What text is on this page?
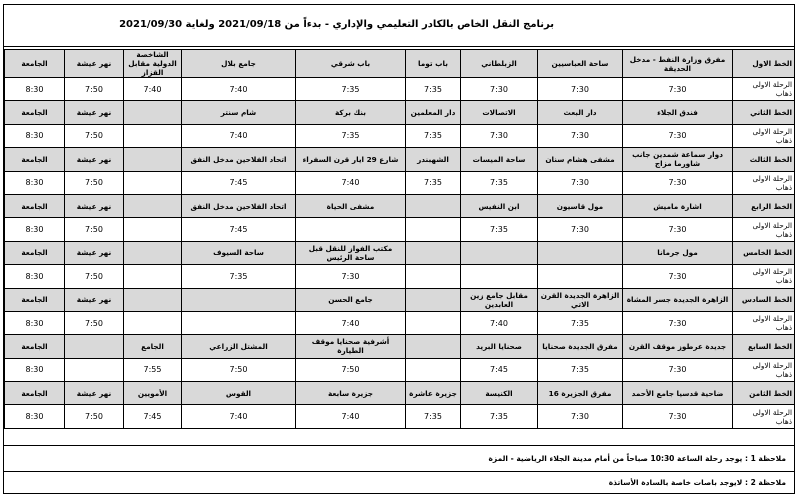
برنامج النقل الخاص بالكادر التعليمي والإداري - بدءاً من 2021/09/18 ولغاية 2021/09/30
الخط الاول	مفرق وزارة النفط - مدخل الحديقة	ساحة العباسيين	الزبلطاني	باب توما	باب شرقي	جامع بلال	الشاخصة الدولية مقابل القزاز	نهر عيشة	الجامعة
الرحلة الاولى ذهاب	7:30	7:30	7:30	7:35	7:35	7:40	7:40	7:50	8:30
الخط الثاني	فندق الجلاء	دار البعث	الاتصالات	دار المعلمين	بنك بركة	شام سنتر		نهر عيشة	الجامعة
الرحلة الاولى ذهاب	7:30	7:30	7:30	7:35	7:35	7:40		7:50	8:30
الخط الثالث	دوار سماعة شمدين جانب شاورما مزاج	مشفى هشام سنان	ساحة الميسات	الشهبندر	شارع 29 ايار قرن السفراء	اتحاد الفلاحين مدخل النفق		نهر عيشة	الجامعة
الرحلة الاولى ذهاب	7:30	7:30	7:35	7:35	7:40	7:45		7:50	8:30
الخط الرابع	اشارة ماميش	مول قاسيون	ابن النفيس		مشفى الحياة	اتحاد الفلاحين مدخل النفق		نهر عيشة	الجامعة
الرحلة الاولى ذهاب	7:30	7:30	7:35			7:45		7:50	8:30
الخط الخامس	مول جرمانا				مكتب الفواز للنقل قبل ساحة الرئيس	ساحة السيوف		نهر عيشة	الجامعة
الرحلة الاولى ذهاب	7:30				7:30	7:35		7:50	8:30
الخط السادس	الزاهرة الجديدة جسر المشاة	الزاهرة الجديدة القرن الاتي	مقابل جامع زين العابدين		جامع الحسن			نهر عيشة	الجامعة
الرحلة الاولى ذهاب	7:30	7:35	7:40		7:40			7:50	8:30
الخط السابع	جديدة عرطوز موقف القرن	مفرق الجديدة صحنايا	صحنايا البريد		أشرفية صحنايا موقف الطيارة	المشتل الزراعي	الجامع		الجامعة
الرحلة الاولى ذهاب	7:30	7:35	7:45		7:50	7:50	7:55		8:30
الخط الثامن	ضاحية قدسيا جامع الأحمد	مفرق الجزيرة 16	الكنيسة	جزيرة عاشرة	جزيرة سابعة	القوس	الأمويين	نهر عيشة	الجامعة
الرحلة الاولى ذهاب	7:30	7:30	7:35	7:35	7:40	7:40	7:45	7:50	8:30
ملاحظة 1 : يوجد رحلة الساعة 10:30 صباحاً من أمام مدينة الجلاء الرياضية - المزة
ملاحظة 2 : لايوجد باصات خاصة بالسادة الأساتذة
